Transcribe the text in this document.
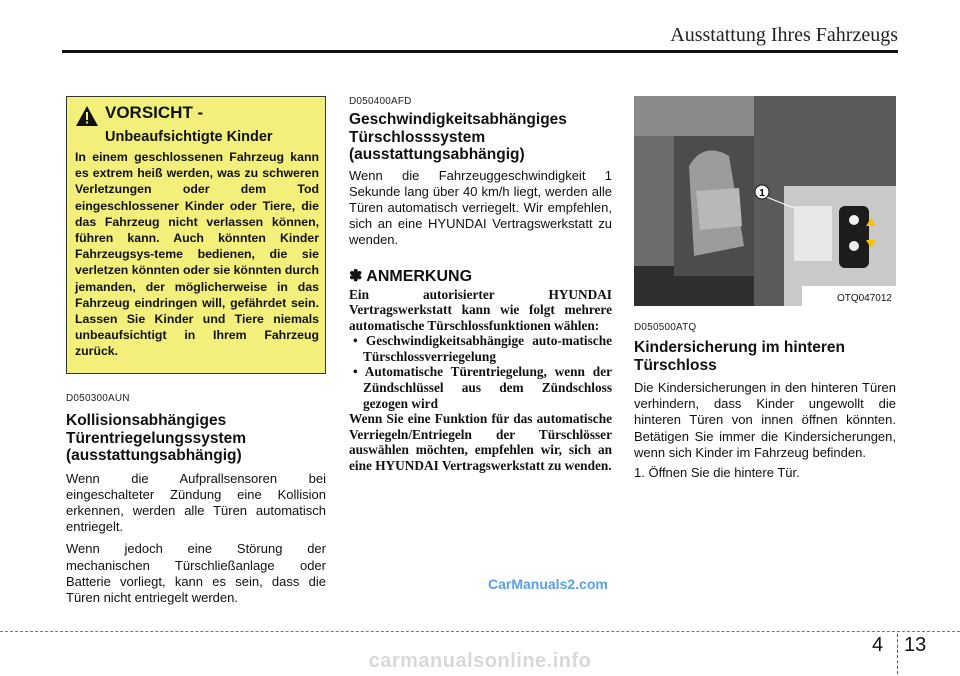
Ausstattung Ihres Fahrzeugs
VORSICHT -
Unbeaufsichtigte Kinder
In einem geschlossenen Fahrzeug kann es extrem heiß werden, was zu schweren Verletzungen oder dem Tod eingeschlossener Kinder oder Tiere, die das Fahrzeug nicht verlassen können, führen kann. Auch könnten Kinder Fahrzeugsys-teme bedienen, die sie verletzen könnten oder sie könnten durch jemanden, der möglicherweise in das Fahrzeug eindringen will, gefährdet sein. Lassen Sie Kinder und Tiere niemals unbeaufsichtigt in Ihrem Fahrzeug zurück.
D050300AUN
Kollisionsabhängiges Türentriegelungssystem (ausstattungsabhängig)

Wenn die Aufprallsensoren bei eingeschalteter Zündung eine Kollision erkennen, werden alle Türen automatisch entriegelt.

Wenn jedoch eine Störung der mechanischen Türschließanlage oder Batterie vorliegt, kann es sein, dass die Türen nicht entriegelt werden.

D050400AFD
Geschwindigkeitsabhängiges Türschlosssystem (ausstattungsabhängig)

Wenn die Fahrzeuggeschwindigkeit 1 Sekunde lang über 40 km/h liegt, werden alle Türen automatisch verriegelt. Wir empfehlen, sich an eine HYUNDAI Vertragswerkstatt zu wenden.

✽ ANMERKUNG
Ein autorisierter HYUNDAI Vertragswerkstatt kann wie folgt mehrere automatische Türschlossfunktionen wählen:
• Geschwindigkeitsabhängige auto-matische Türschlossverriegelung
• Automatische Türentriegelung, wenn der Zündschlüssel aus dem Zündschloss gezogen wird
Wenn Sie eine Funktion für das automatische Verriegeln/Entriegeln der Türschlösser auswählen möchten, empfehlen wir, sich an eine HYUNDAI Vertragswerkstatt zu wenden.
1
OTQ047012
D050500ATQ
Kindersicherung im hinteren Türschloss

Die Kindersicherungen in den hinteren Türen verhindern, dass Kinder ungewollt die hinteren Türen von innen öffnen könnten. Betätigen Sie immer die Kindersicherungen, wenn sich Kinder im Fahrzeug befinden.

1. Öffnen Sie die hintere Tür.

CarManuals2.com
4 13
carmanualsonline.info
